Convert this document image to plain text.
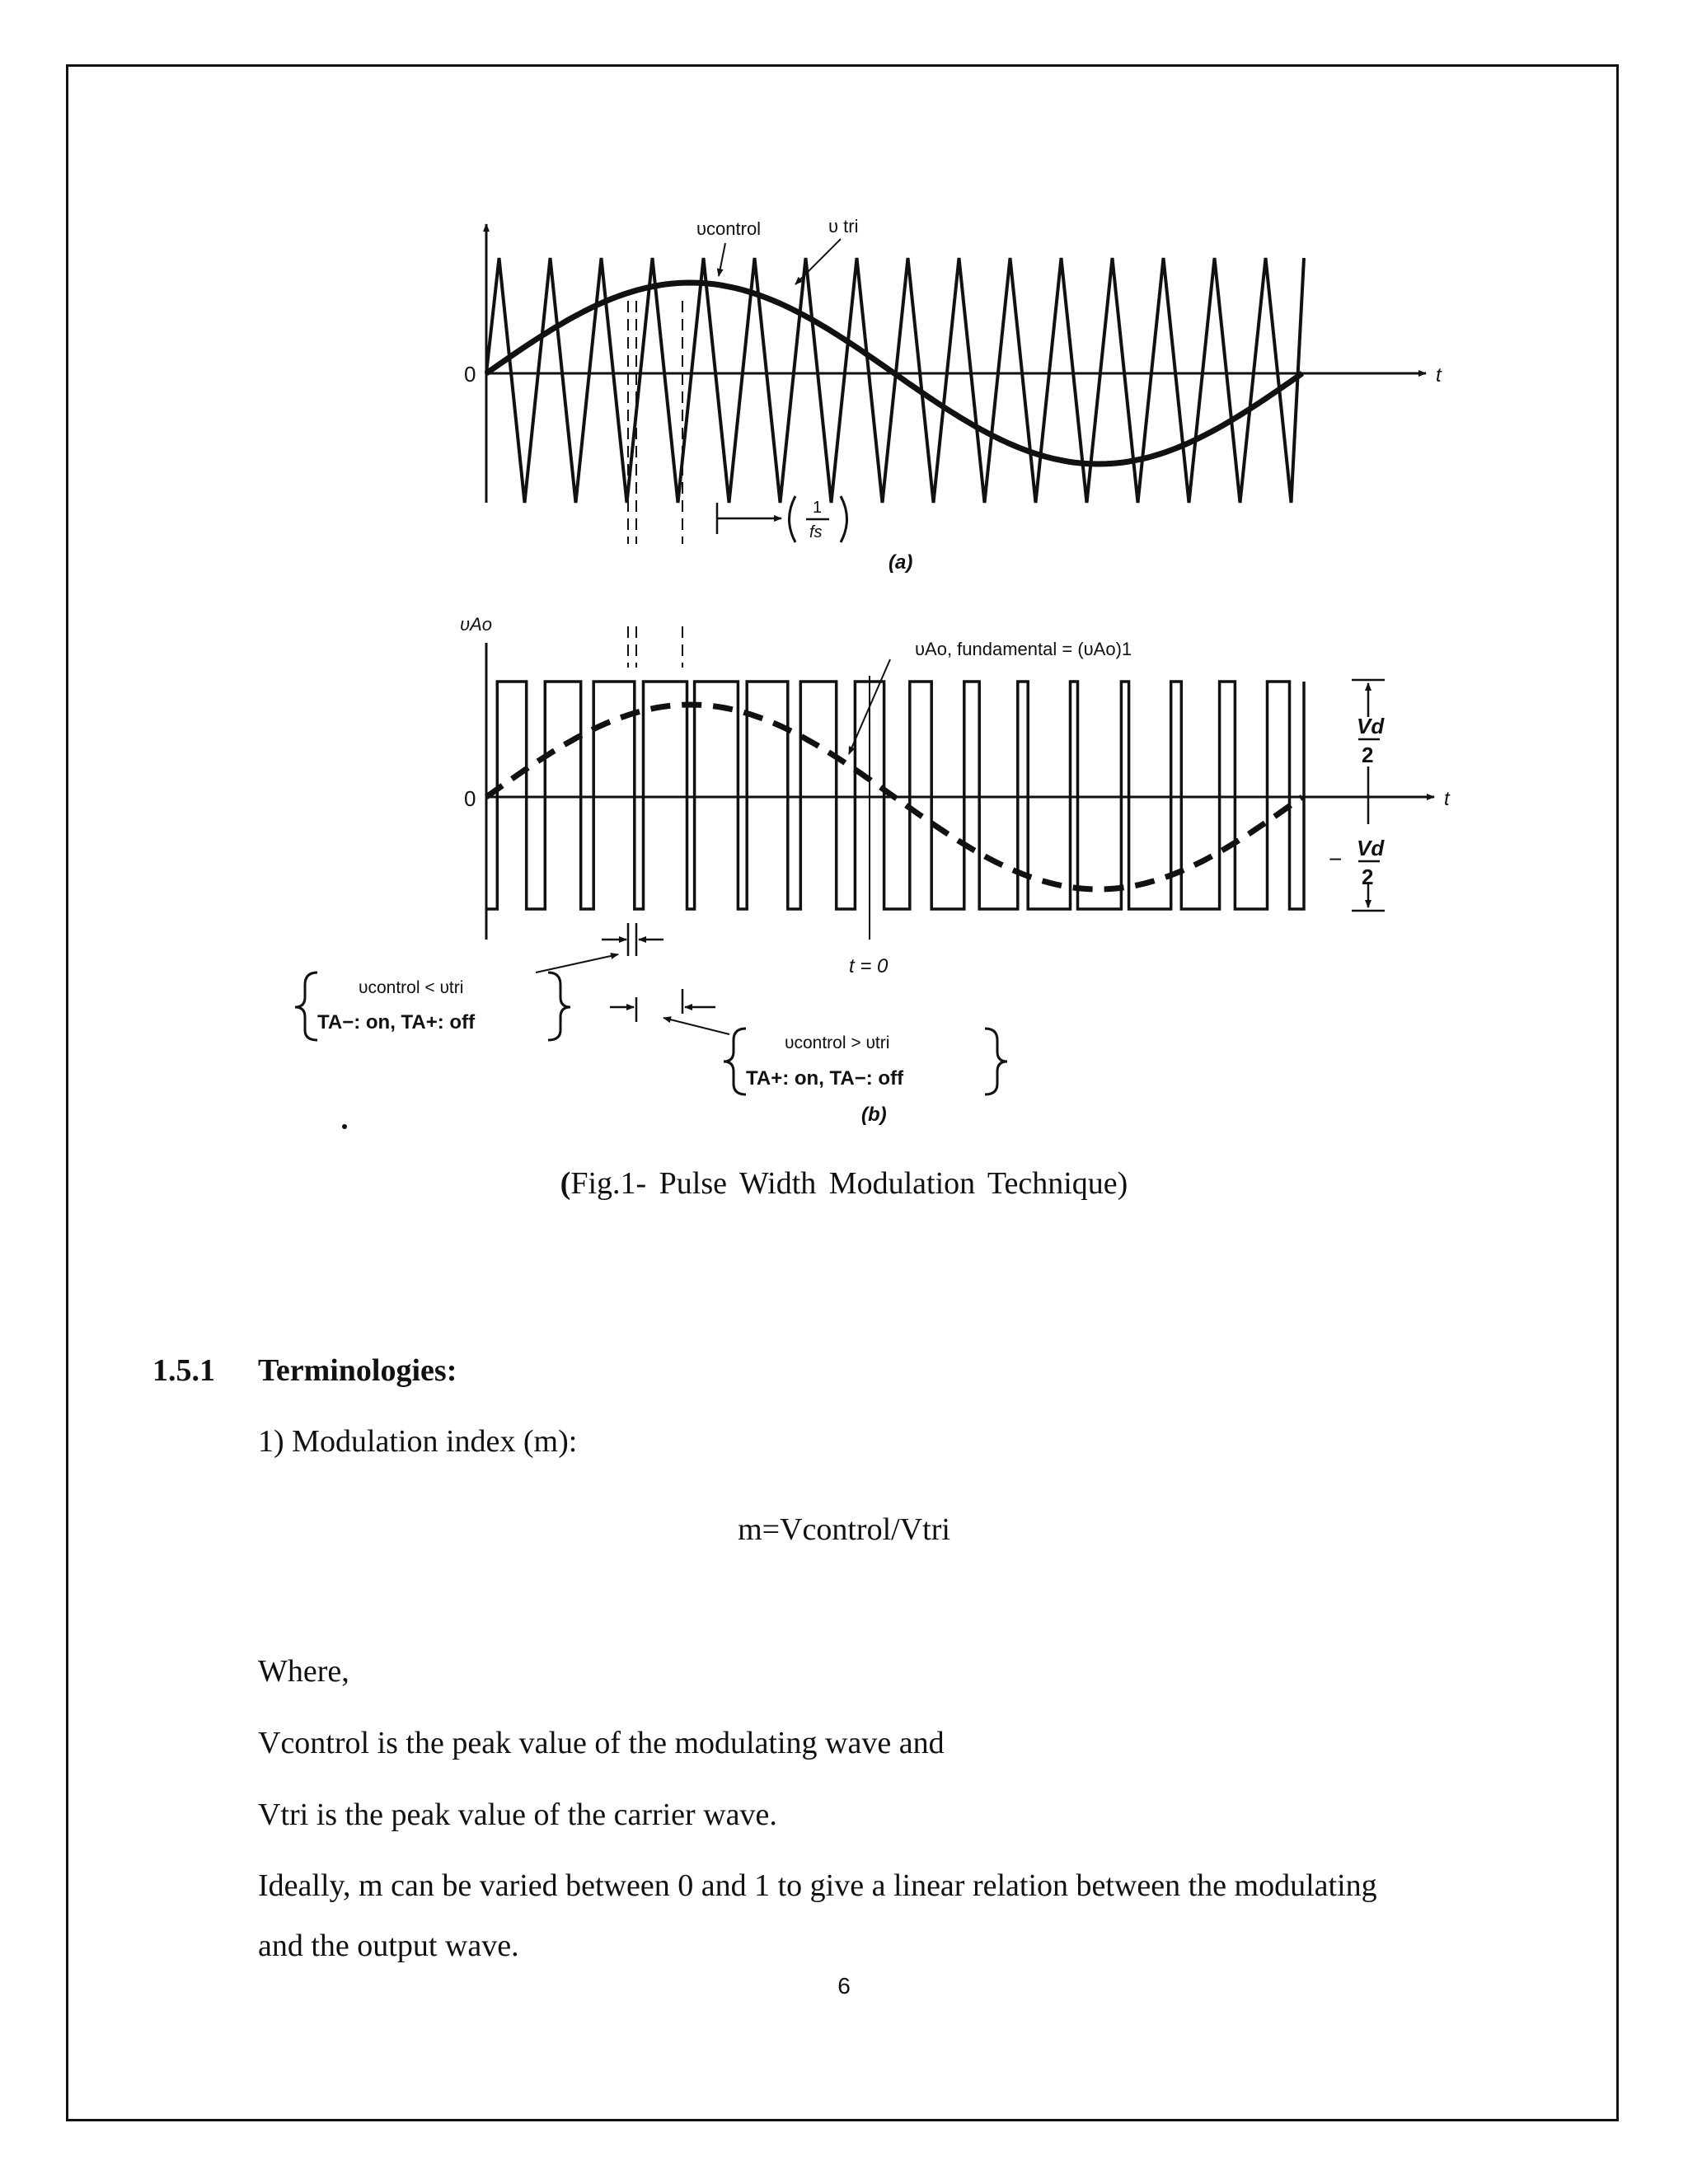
υcontrol	υ tri
0	t
1
fs
(a)
υAo
υAo, fundamental = (υAo)1
0	t
Vd
2
− Vd
2
t = 0
υcontrol < υtri
TA−: on, TA+: off
υcontrol > υtri
TA+: on, TA−: off
(b)
(Fig.1- Pulse Width Modulation Technique)
1.5.1 Terminologies:
1) Modulation index (m):
m=Vcontrol/Vtri
Where,
Vcontrol is the peak value of the modulating wave and
Vtri is the peak value of the carrier wave.
Ideally, m can be varied between 0 and 1 to give a linear relation between the modulating
and the output wave.
6
